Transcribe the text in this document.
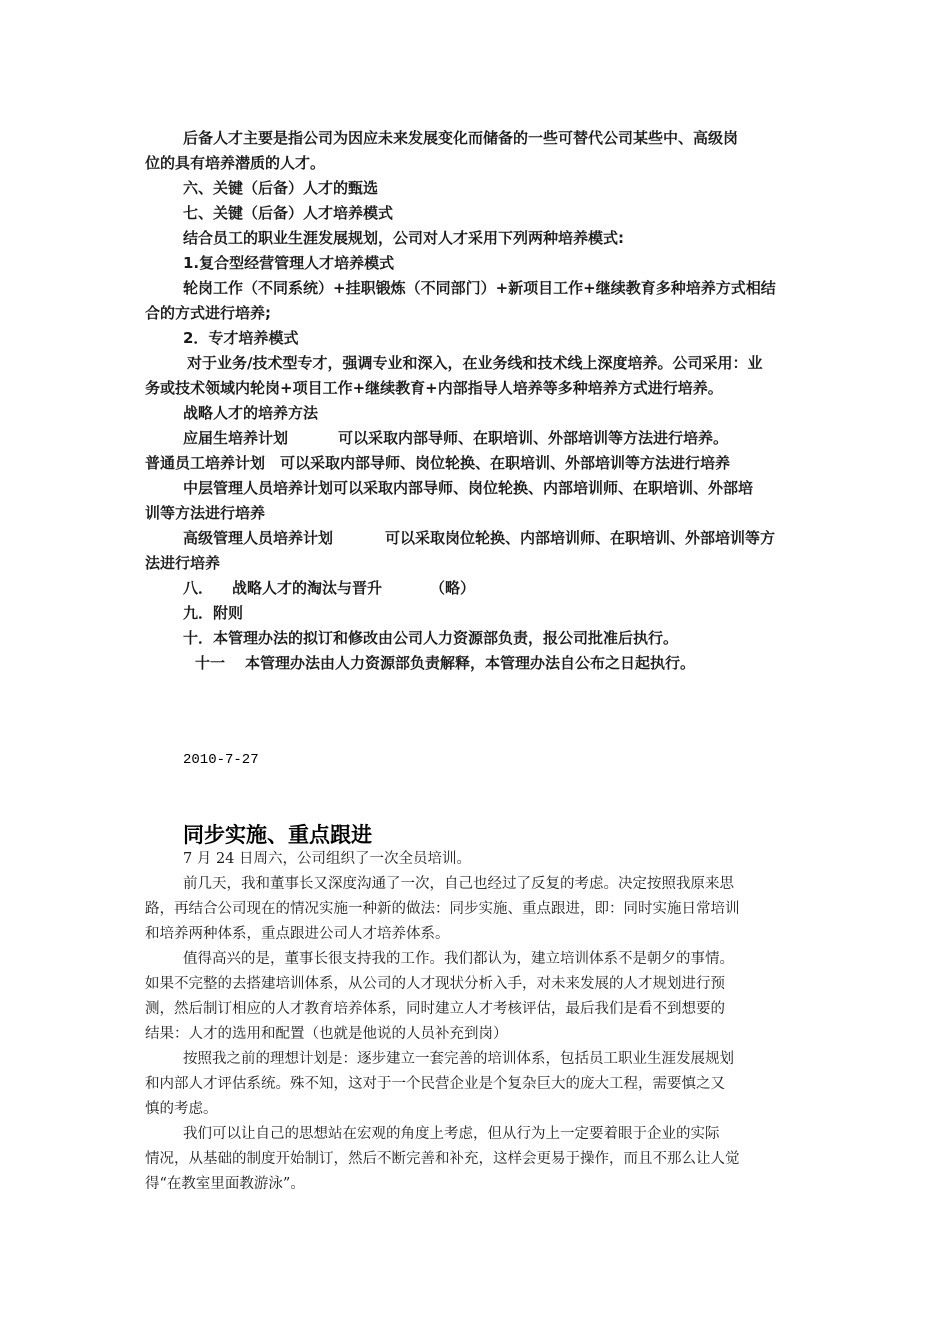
后备人才主要是指公司为因应未来发展变化而储备的一些可替代公司某些中、高级岗
位的具有培养潜质的人才。
六、关键（后备）人才的甄选
七、关键（后备）人才培养模式
结合员工的职业生涯发展规划，公司对人才采用下列两种培养模式:
1.复合型经营管理人才培养模式
轮岗工作（不同系统）+挂职锻炼（不同部门）+新项目工作+继续教育多种培养方式相结
合的方式进行培养;
2．专才培养模式
对于业务/技术型专才，强调专业和深入，在业务线和技术线上深度培养。公司采用：业
务或技术领域内轮岗+项目工作+继续教育+内部指导人培养等多种培养方式进行培养。
战略人才的培养方法
应届生培养计划	可以采取内部导师、在职培训、外部培训等方法进行培养。
普通员工培养计划　可以采取内部导师、岗位轮换、在职培训、外部培训等方法进行培养
中层管理人员培养计划可以采取内部导师、岗位轮换、内部培训师、在职培训、外部培
训等方法进行培养
高级管理人员培养计划	可以采取岗位轮换、内部培训师、在职培训、外部培训等方
法进行培养
八． 战略人才的淘汰与晋升	（略）
九．附则
十．本管理办法的拟订和修改由公司人力资源部负责，报公司批准后执行。
十一 本管理办法由人力资源部负责解释，本管理办法自公布之日起执行。
2010-7-27
同步实施、重点跟进
7 月 24 日周六，公司组织了一次全员培训。
前几天，我和董事长又深度沟通了一次，自己也经过了反复的考虑。决定按照我原来思
路，再结合公司现在的情况实施一种新的做法：同步实施、重点跟进，即：同时实施日常培训
和培养两种体系，重点跟进公司人才培养体系。
值得高兴的是，董事长很支持我的工作。我们都认为，建立培训体系不是朝夕的事情。
如果不完整的去搭建培训体系，从公司的人才现状分析入手，对未来发展的人才规划进行预
测，然后制订相应的人才教育培养体系，同时建立人才考核评估，最后我们是看不到想要的
结果：人才的选用和配置（也就是他说的人员补充到岗）
按照我之前的理想计划是：逐步建立一套完善的培训体系，包括员工职业生涯发展规划
和内部人才评估系统。殊不知，这对于一个民营企业是个复杂巨大的庞大工程，需要慎之又
慎的考虑。
我们可以让自己的思想站在宏观的角度上考虑，但从行为上一定要着眼于企业的实际
情况，从基础的制度开始制订，然后不断完善和补充，这样会更易于操作，而且不那么让人觉
得“在教室里面教游泳”。
